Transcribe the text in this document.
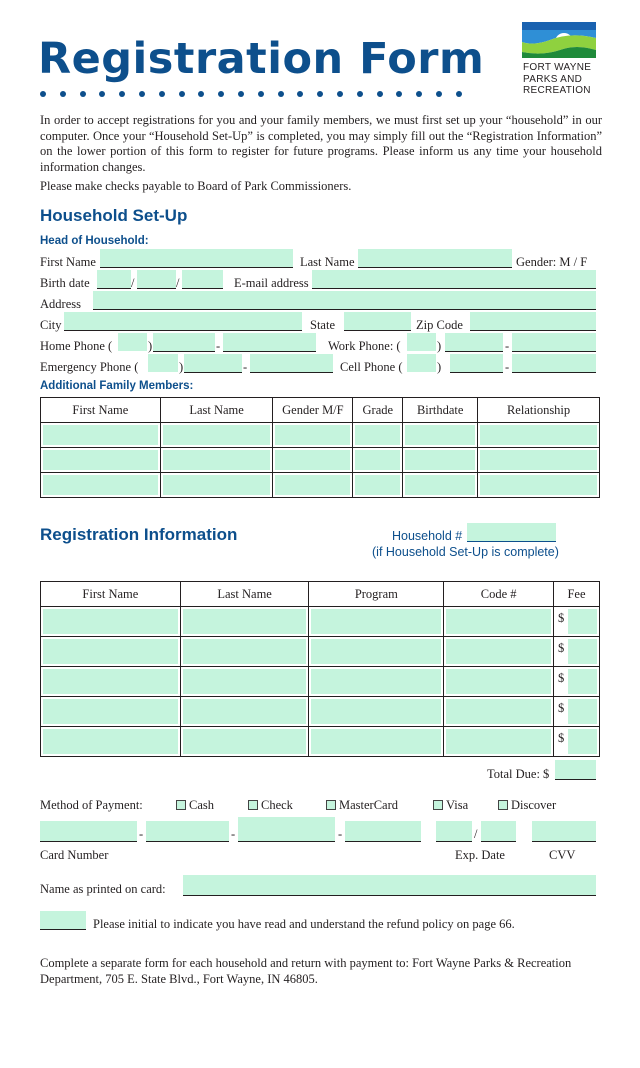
Registration Form	FORT WAYNE
PARKS AND
RECREATION
In order to accept registrations for you and your family members, we must first set up your “household” in our computer. Once your “Household Set-Up” is completed, you may simply fill out the “Registration Information” on the lower portion of this form to register for future programs. Please inform us any time your household information changes.
Please make checks payable to Board of Park Commissioners.
Household Set-Up
Head of Household:
First Name	Last Name	Gender: M / F
Birth date	/	/	E-mail address
Address
City	State	Zip Code
Home Phone (	)	-	Work Phone: (	)	-
Emergency Phone (	)	-	Cell Phone (	)	-
Additional Family Members:
First Name	Last Name	Gender M/F	Grade	Birthdate	Relationship

Registration Information	Household #
(if Household Set-Up is complete)
First Name	Last Name	Program	Code #	Fee

				$

				$

				$

				$

				$
Total Due: $
Method of Payment:	Cash	Check	MasterCard	Visa	Discover
-	-	-	/
Card Number	Exp. Date	CVV
Name as printed on card:
Please initial to indicate you have read and understand the refund policy on page 66.
Complete a separate form for each household and return with payment to: Fort Wayne Parks & Recreation Department, 705 E. State Blvd., Fort Wayne, IN 46805.
